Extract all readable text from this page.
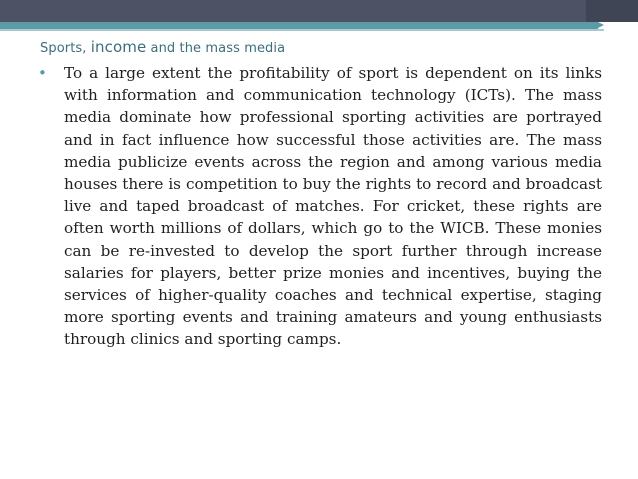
Sports, income and the mass media
• To a large extent the profitability of sport is dependent on its links with information and communication technology (ICTs). The mass media dominate how professional sporting activities are portrayed and in fact influence how successful those activities are. The mass media publicize events across the region and among various media houses there is competition to buy the rights to record and broadcast live and taped broadcast of matches. For cricket, these rights are often worth millions of dollars, which go to the WICB. These monies can be re-invested to develop the sport further through increase salaries for players, better prize monies and incentives, buying the services of higher-quality coaches and technical expertise, staging more sporting events and training amateurs and young enthusiasts through clinics and sporting camps.
